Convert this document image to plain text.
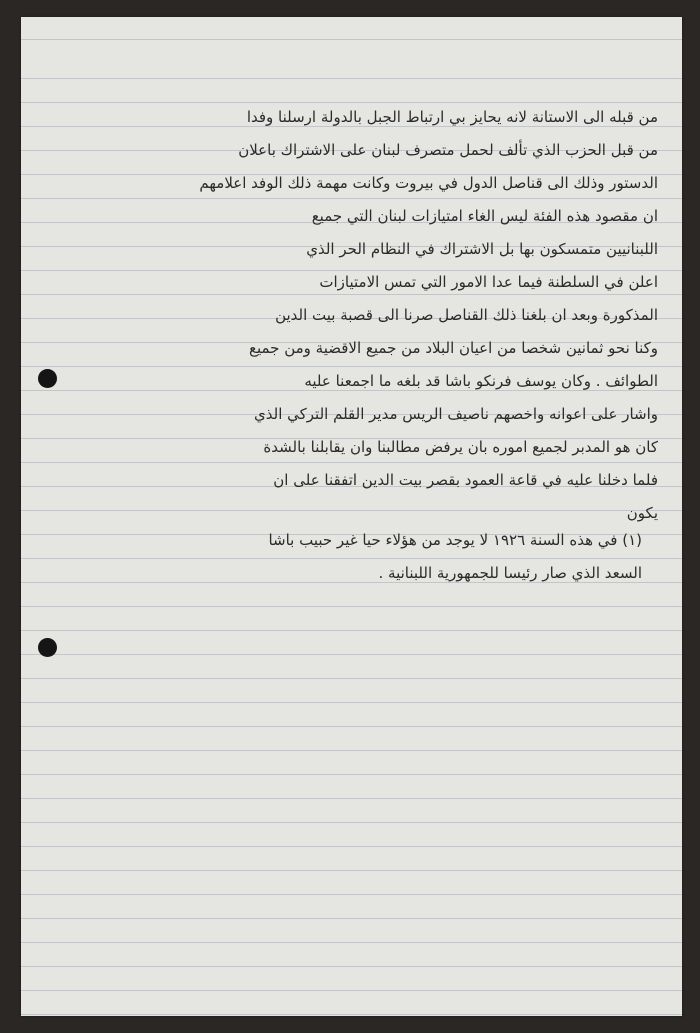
من قبله الى الاستانة لانه يحايز بي ارتباط الجبل بالدولة ارسلنا وفدا
من قبل الحزب الذي تألف لحمل متصرف لبنان على الاشتراك باعلان
الدستور وذلك الى قناصل الدول في بيروت وكانت مهمة ذلك الوفد اعلامهم
ان مقصود هذه الفئة ليس الغاء امتيازات لبنان التي جميع
اللبنانيين متمسكون بها بل الاشتراك في النظام الحر الذي
اعلن في السلطنة فيما عدا الامور التي تمس الامتيازات
المذكورة وبعد ان بلغنا ذلك القناصل صرنا الى قصبة بيت الدين
وكنا نحو ثمانين شخصا من اعيان البلاد من جميع الاقضية ومن جميع
الطوائف . وكان يوسف فرنكو باشا قد بلغه ما اجمعنا عليه
واشار على اعوانه واخصهم ناصيف الريس مدير القلم التركي الذي
كان هو المدبر لجميع اموره بان يرفض مطالبنا وان يقابلنا بالشدة
فلما دخلنا عليه في قاعة العمود بقصر بيت الدين اتفقنا على ان
يكون
(١) في هذه السنة ١٩٢٦ لا يوجد من هؤلاء حيا غير حبيب باشا
السعد الذي صار رئيسا للجمهورية اللبنانية .
